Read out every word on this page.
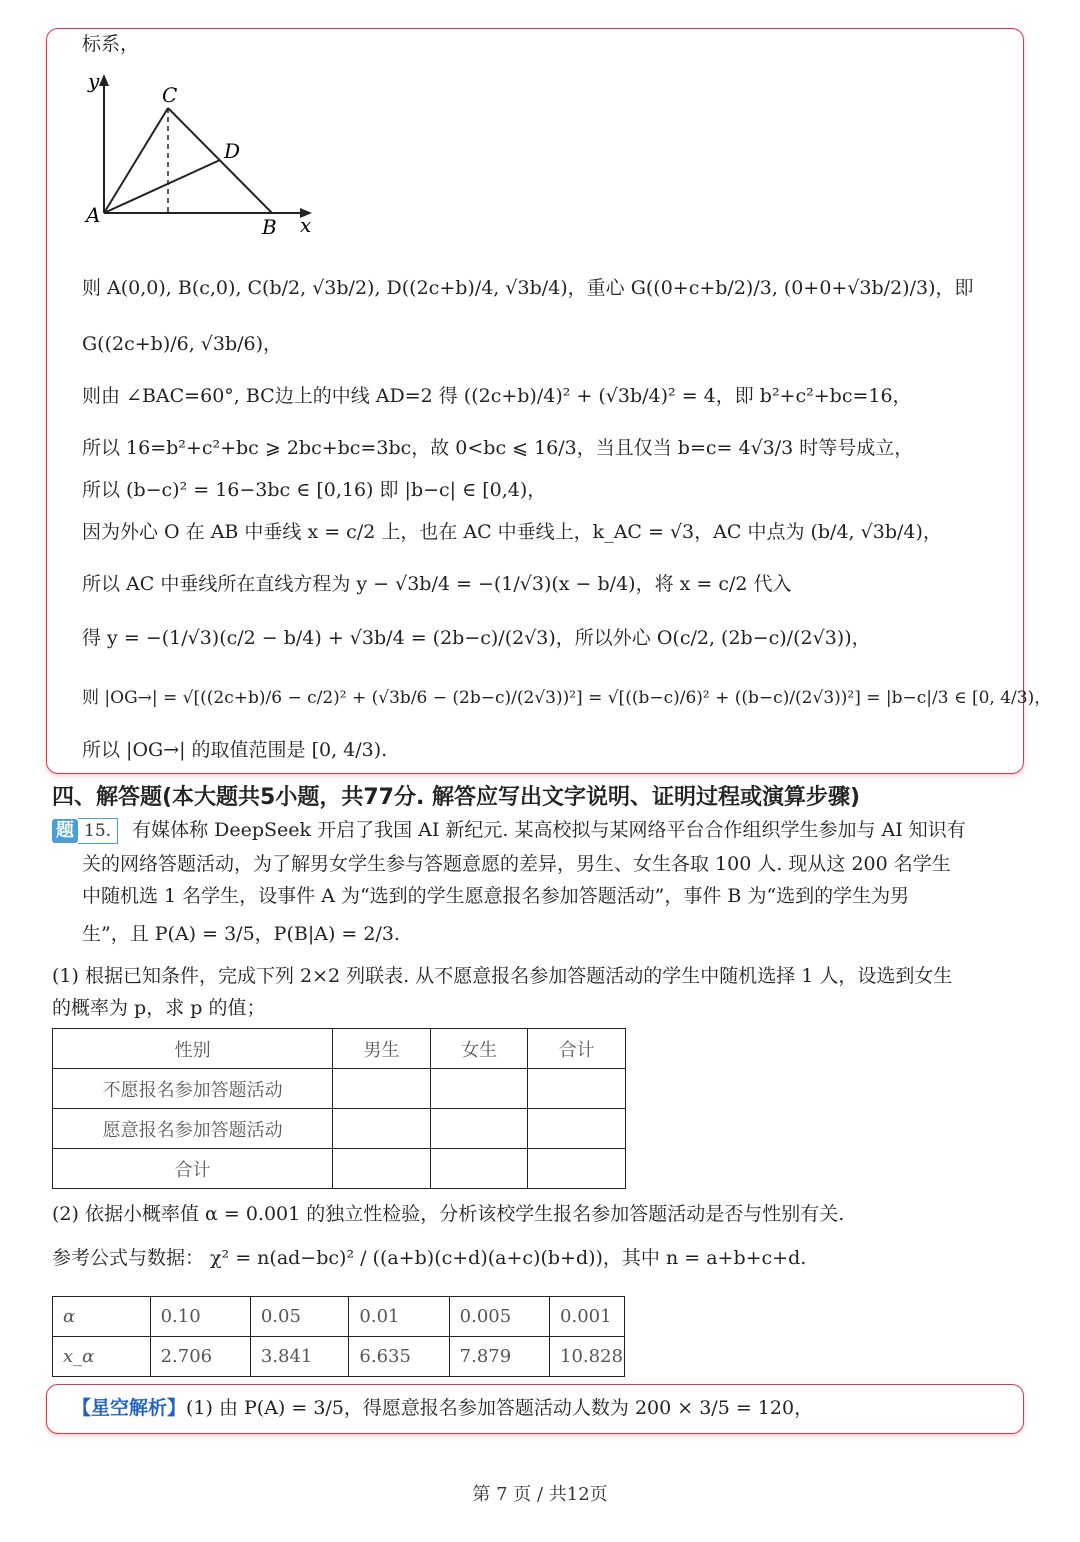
标系，
y
C
D
A	B x
则 A(0,0), B(c,0), C(b/2, √3b/2), D((2c+b)/4, √3b/4)，重心 G((0+c+b/2)/3, (0+0+√3b/2)/3)，即
G((2c+b)/6, √3b/6)，
则由 ∠BAC=60°, BC边上的中线 AD=2 得 ((2c+b)/4)² + (√3b/4)² = 4，即 b²+c²+bc=16，
所以 16=b²+c²+bc ⩾ 2bc+bc=3bc，故 0<bc ⩽ 16/3，当且仅当 b=c= 4√3/3 时等号成立，
所以 (b−c)² = 16−3bc ∈ [0,16) 即 |b−c| ∈ [0,4)，
因为外心 O 在 AB 中垂线 x = c/2 上，也在 AC 中垂线上，k_AC = √3，AC 中点为 (b/4, √3b/4)，
所以 AC 中垂线所在直线方程为 y − √3b/4 = −(1/√3)(x − b/4)，将 x = c/2 代入
得 y = −(1/√3)(c/2 − b/4) + √3b/4 = (2b−c)/(2√3)，所以外心 O(c/2, (2b−c)/(2√3))，
则 |OG→| = √[((2c+b)/6 − c/2)² + (√3b/6 − (2b−c)/(2√3))²] = √[((b−c)/6)² + ((b−c)/(2√3))²] = |b−c|/3 ∈ [0, 4/3)，
所以 |OG→| 的取值范围是 [0, 4/3).
四、解答题(本大题共5小题，共77分. 解答应写出文字说明、证明过程或演算步骤)
题 15. 有媒体称 DeepSeek 开启了我国 AI 新纪元. 某高校拟与某网络平台合作组织学生参加与 AI 知识有
关的网络答题活动，为了解男女学生参与答题意愿的差异，男生、女生各取 100 人. 现从这 200 名学生
中随机选 1 名学生，设事件 A 为“选到的学生愿意报名参加答题活动”，事件 B 为“选到的学生为男
生”，且 P(A) = 3/5，P(B|A) = 2/3.
(1) 根据已知条件，完成下列 2×2 列联表. 从不愿意报名参加答题活动的学生中随机选择 1 人，设选到女生
的概率为 p，求 p 的值；
性别	男生	女生	合计
不愿报名参加答题活动			
愿意报名参加答题活动			
合计			
(2) 依据小概率值 α = 0.001 的独立性检验，分析该校学生报名参加答题活动是否与性别有关.
参考公式与数据： χ² = n(ad−bc)² / ((a+b)(c+d)(a+c)(b+d))，其中 n = a+b+c+d.
α	0.10	0.05	0.01	0.005	0.001
x_α	2.706	3.841	6.635	7.879	10.828
【星空解析】(1) 由 P(A) = 3/5，得愿意报名参加答题活动人数为 200 × 3/5 = 120，
第 7 页 / 共12页
